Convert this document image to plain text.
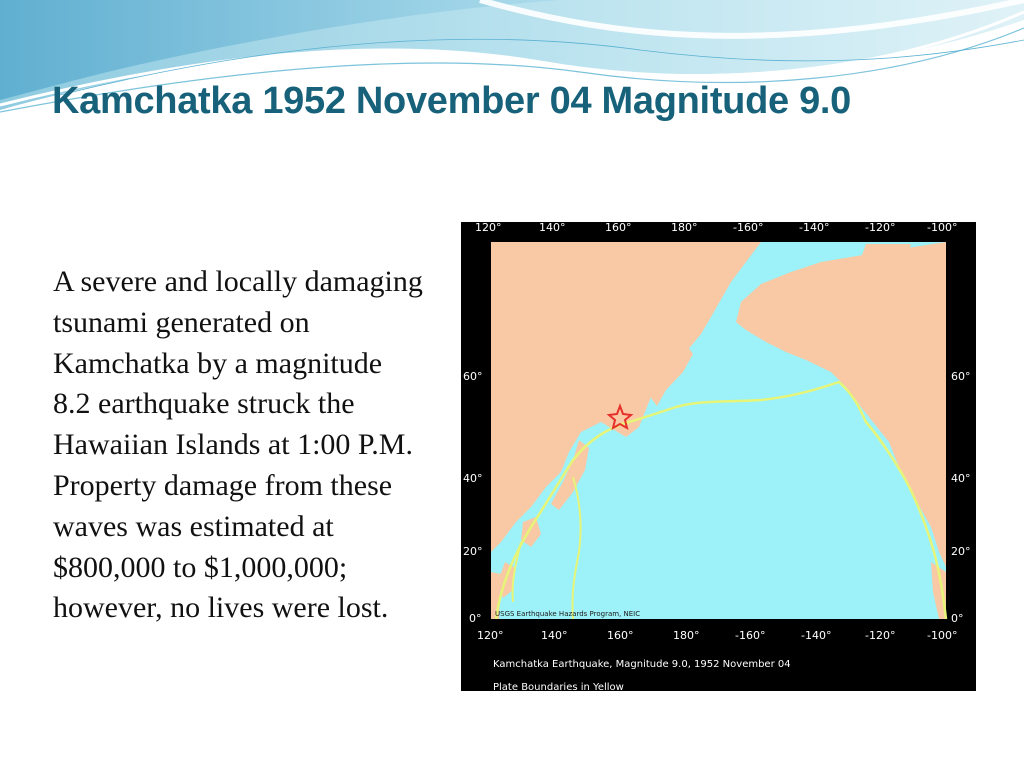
Kamchatka 1952 November 04 Magnitude 9.0

A severe and locally damaging tsunami generated on Kamchatka by a magnitude 8.2 earthquake struck the Hawaiian Islands at 1:00 P.M. Property damage from these waves was estimated at $800,000 to $1,000,000; however, no lives were lost.	USGS Earthquake Hazards Program, NEIC
120°	140°	160°	180°	-160°	-140°	-120°	-100°
120°	140°	160°	180°	-160°	-140°	-120°	-100°
60°
40°
20°
0°
60°
40°
20°
0°
Kamchatka Earthquake, Magnitude 9.0, 1952 November 04
Plate Boundaries in Yellow
